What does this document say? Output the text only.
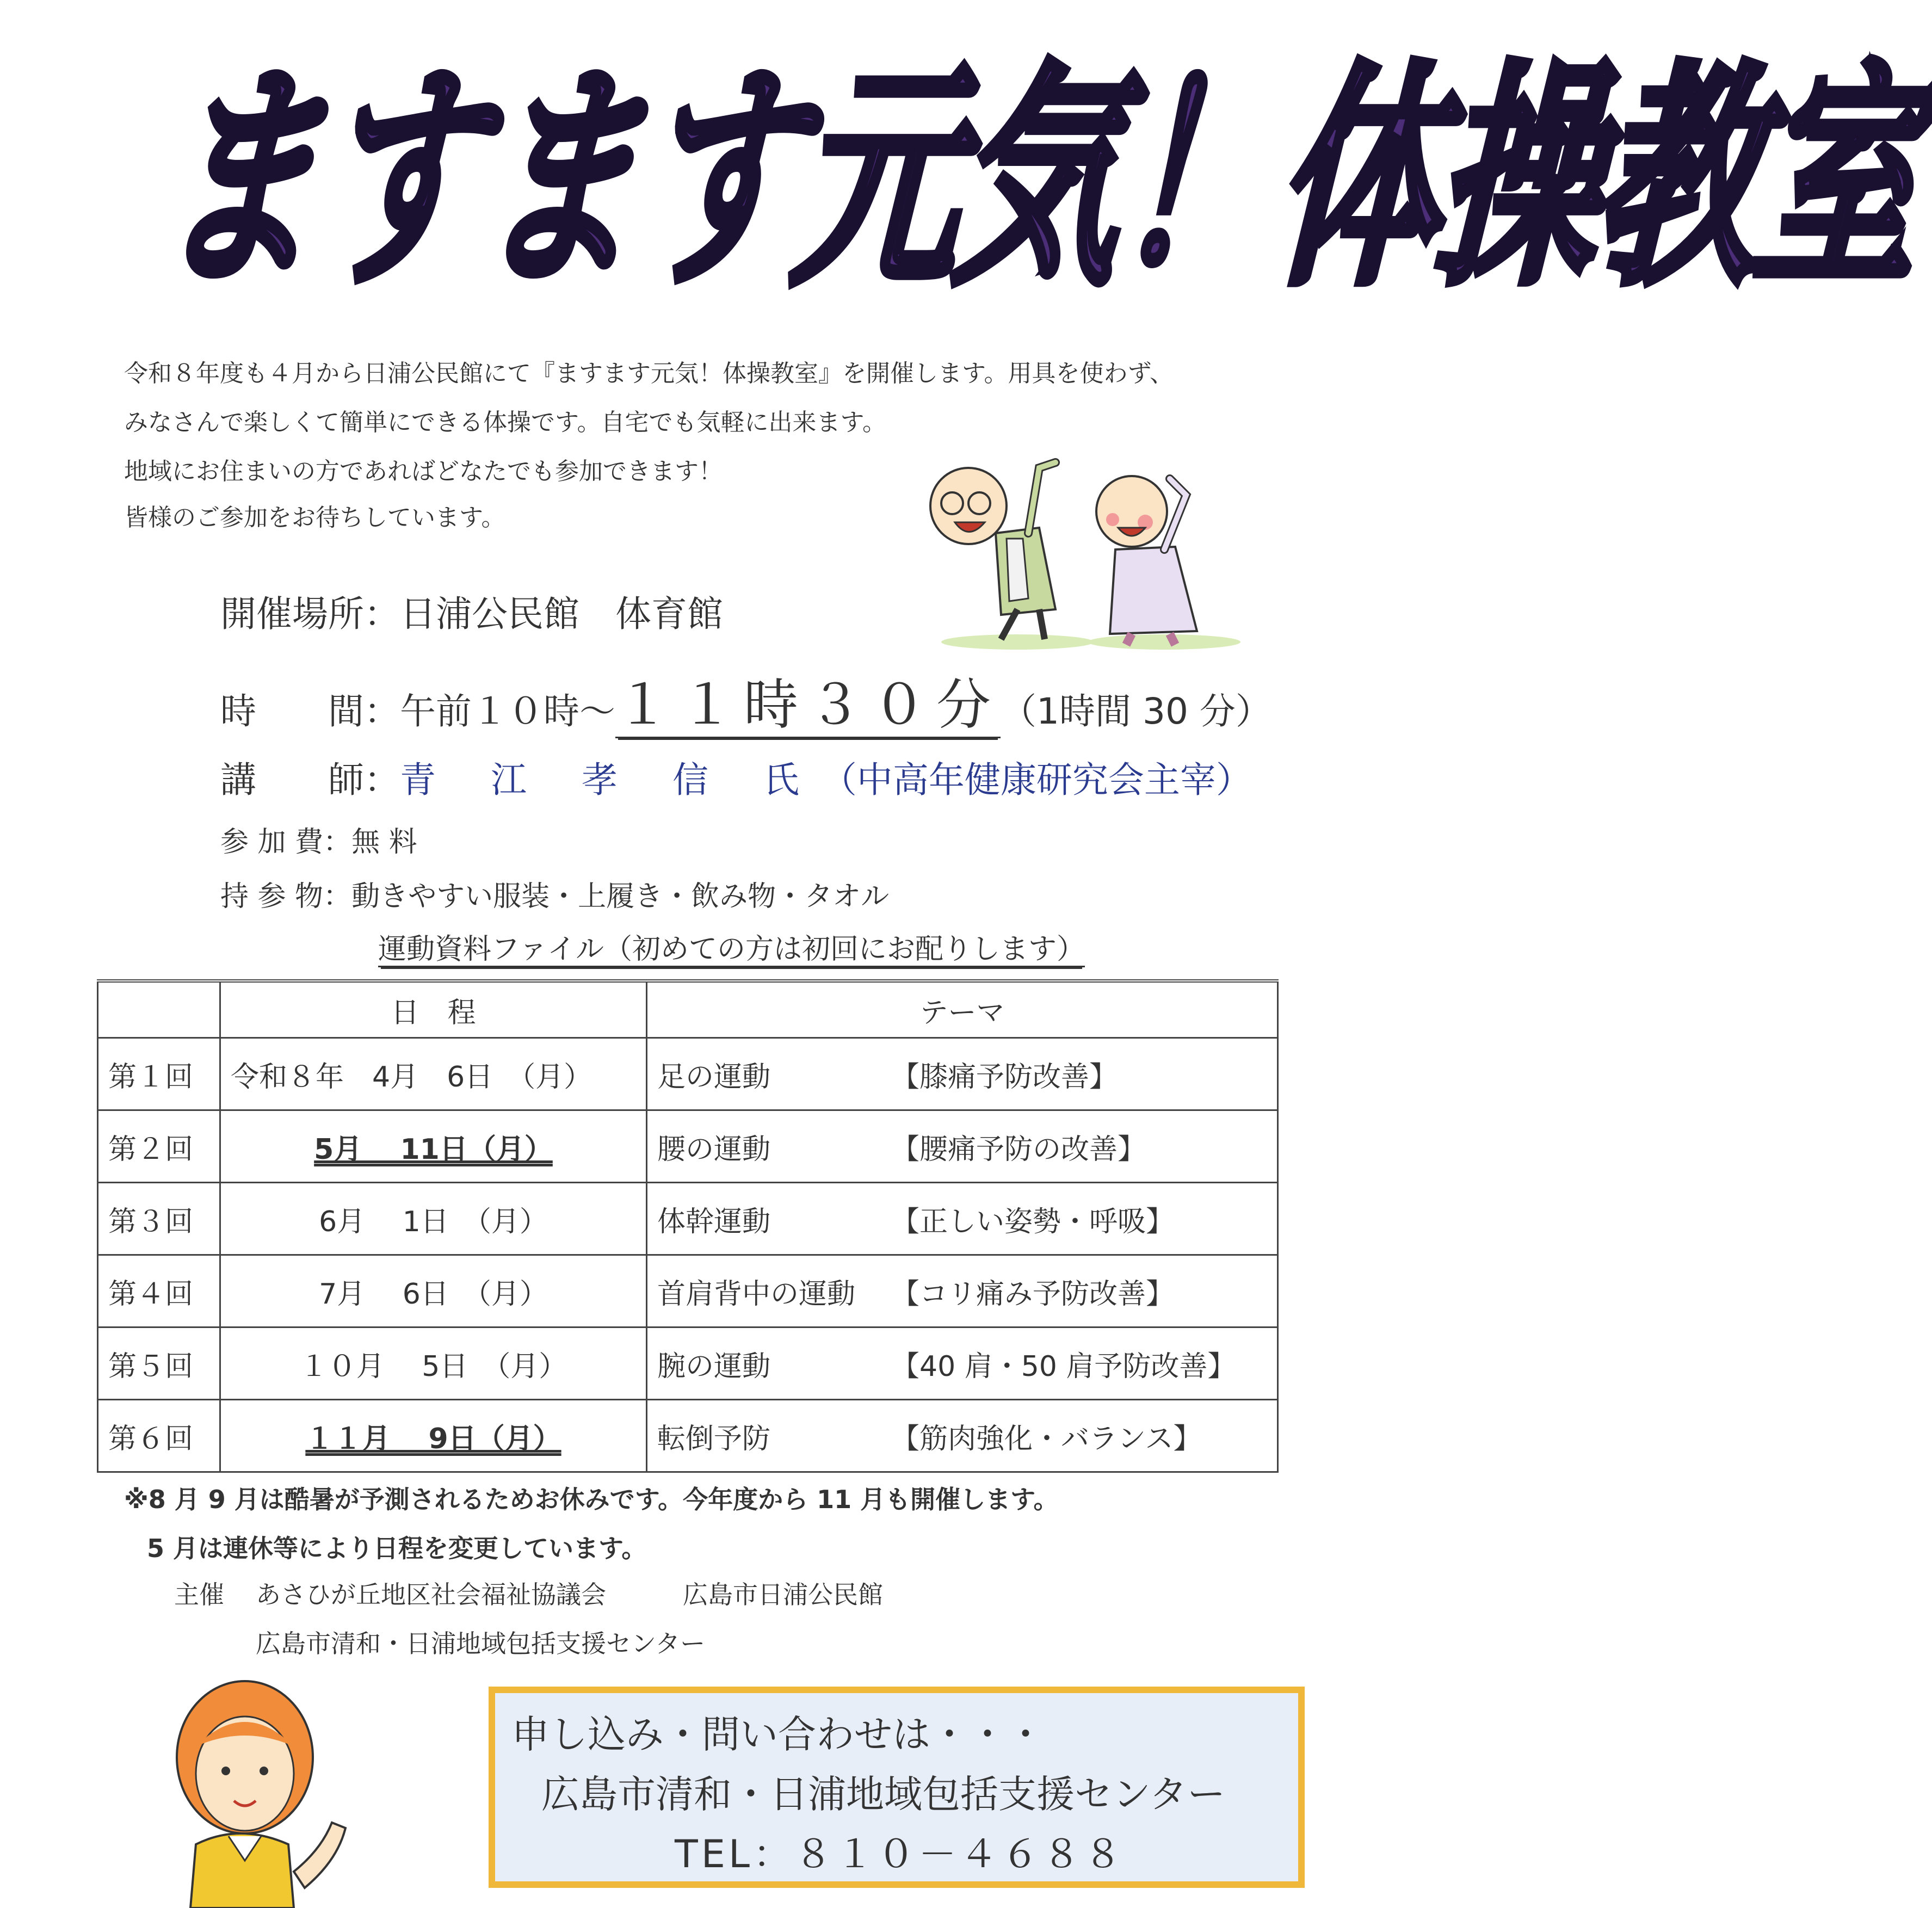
ますます元気！体操教室
令和８年度も４月から日浦公民館にて『ますます元気！体操教室』を開催します。用具を使わず、
みなさんで楽しくて簡単にできる体操です。自宅でも気軽に出来ます。
地域にお住まいの方であればどなたでも参加できます！
皆様のご参加をお待ちしています。
開催場所：日浦公民館　体育館
時　　間：午前１０時～１１時３０分（1時間 30 分）
講　　師：青 江 孝 信 氏（中高年健康研究会主宰）
参 加 費：無 料
持 参 物：動きやすい服装・上履き・飲み物・タオル
運動資料ファイル（初めての方は初回にお配りします）
	日　程	テーマ
第１回	令和８年　4月　6日　（月）	足の運動 【膝痛予防改善】
第２回	5月　 11日（月）	腰の運動 【腰痛予防の改善】
第３回	6月　 1日　（月）	体幹運動 【正しい姿勢・呼吸】
第４回	7月　 6日　（月）	首肩背中の運動 【コリ痛み予防改善】
第５回	１０月　 5日　（月）	腕の運動 【40 肩・50 肩予防改善】
第６回	１１月　 9日（月）	転倒予防 【筋肉強化・バランス】
※8 月 9 月は酷暑が予測されるためお休みです。今年度から 11 月も開催します。
5 月は連休等により日程を変更しています。
主催 あさひが丘地区社会福祉協議会	広島市日浦公民館
広島市清和・日浦地域包括支援センター
申し込み・問い合わせは・・・
広島市清和・日浦地域包括支援センター
TEL：８１０－４６８８
